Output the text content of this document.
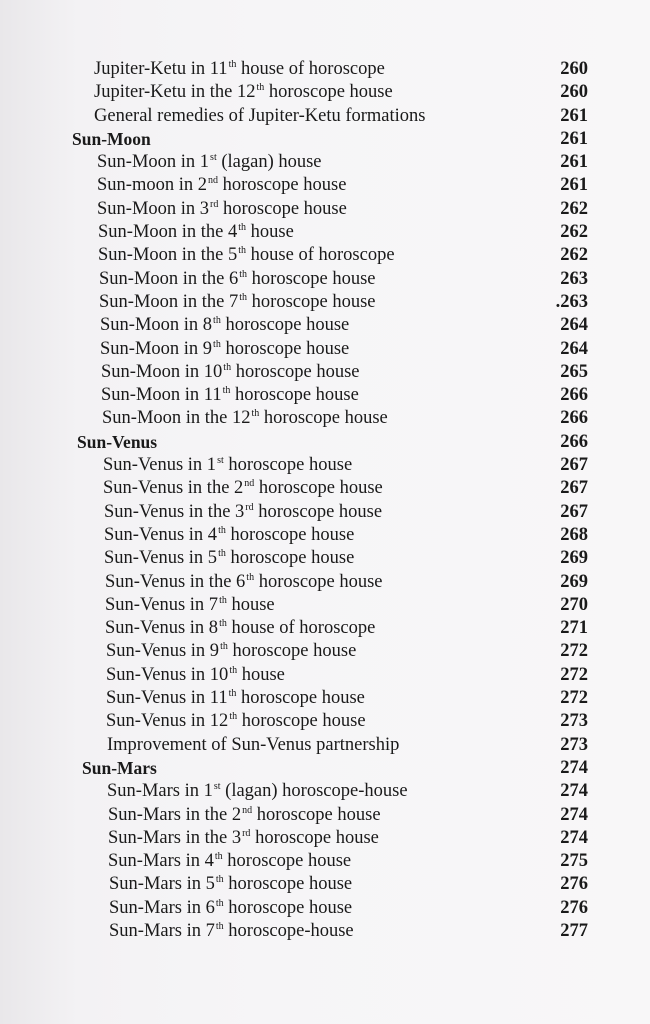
Jupiter-Ketu in 11th house of horoscope	260
Jupiter-Ketu in the 12th horoscope house	260
General remedies of Jupiter-Ketu formations	261
Sun-Moon	261
Sun-Moon in 1st (lagan) house	261
Sun-moon in 2nd horoscope house	261
Sun-Moon in 3rd horoscope house	262
Sun-Moon in the 4th house	262
Sun-Moon in the 5th house of horoscope	262
Sun-Moon in the 6th horoscope house	263
Sun-Moon in the 7th horoscope house	.263
Sun-Moon in 8th horoscope house	264
Sun-Moon in 9th horoscope house	264
Sun-Moon in 10th horoscope house	265
Sun-Moon in 11th horoscope house	266
Sun-Moon in the 12th horoscope house	266
Sun-Venus	266
Sun-Venus in 1st horoscope house	267
Sun-Venus in the 2nd horoscope house	267
Sun-Venus in the 3rd horoscope house	267
Sun-Venus in 4th horoscope house	268
Sun-Venus in 5th horoscope house	269
Sun-Venus in the 6th horoscope house	269
Sun-Venus in 7th house	270
Sun-Venus in 8th house of horoscope	271
Sun-Venus in 9th horoscope house	272
Sun-Venus in 10th house	272
Sun-Venus in 11th horoscope house	272
Sun-Venus in 12th horoscope house	273
Improvement of Sun-Venus partnership	273
Sun-Mars	274
Sun-Mars in 1st (lagan) horoscope-house	274
Sun-Mars in the 2nd horoscope house	274
Sun-Mars in the 3rd horoscope house	274
Sun-Mars in 4th horoscope house	275
Sun-Mars in 5th horoscope house	276
Sun-Mars in 6th horoscope house	276
Sun-Mars in 7th horoscope-house	277
